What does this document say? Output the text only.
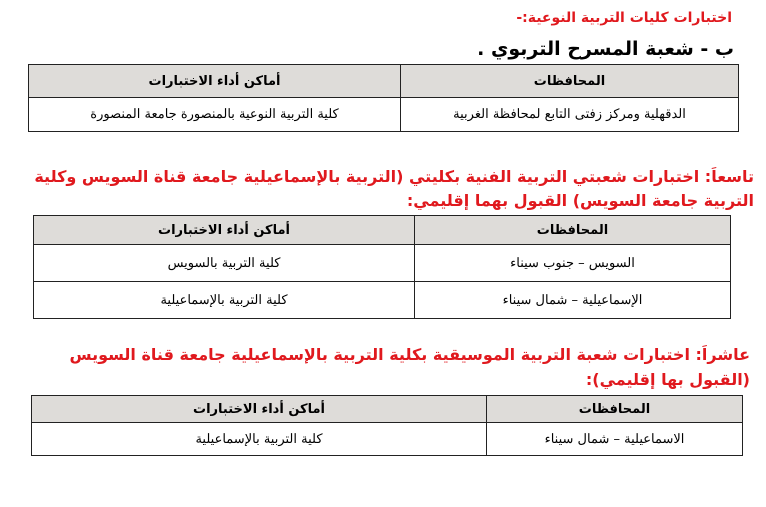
اختبارات كليات التربية النوعية:-
ب - شعبة المسرح التربوي .
المحافظات	أماكن أداء الاختبارات
الدقهلية ومركز زفتى التابع لمحافظة الغربية	كلية التربية النوعية بالمنصورة جامعة المنصورة
تاسعاَ: اختبارات شعبتي التربية الفنية بكليتي (التربية بالإسماعيلية جامعة قناة السويس وكلية
التربية جامعة السويس) القبول بهما إقليمي:
المحافظات	أماكن أداء الاختبارات
السويس – جنوب سيناء	كلية التربية بالسويس
الإسماعيلية – شمال سيناء	كلية التربية بالإسماعيلية
عاشراَ: اختبارات شعبة التربية الموسيقية بكلية التربية بالإسماعيلية جامعة قناة السويس
(القبول بها إقليمي):
المحافظات	أماكن أداء الاختبارات
الاسماعيلية – شمال سيناء	كلية التربية بالإسماعيلية
